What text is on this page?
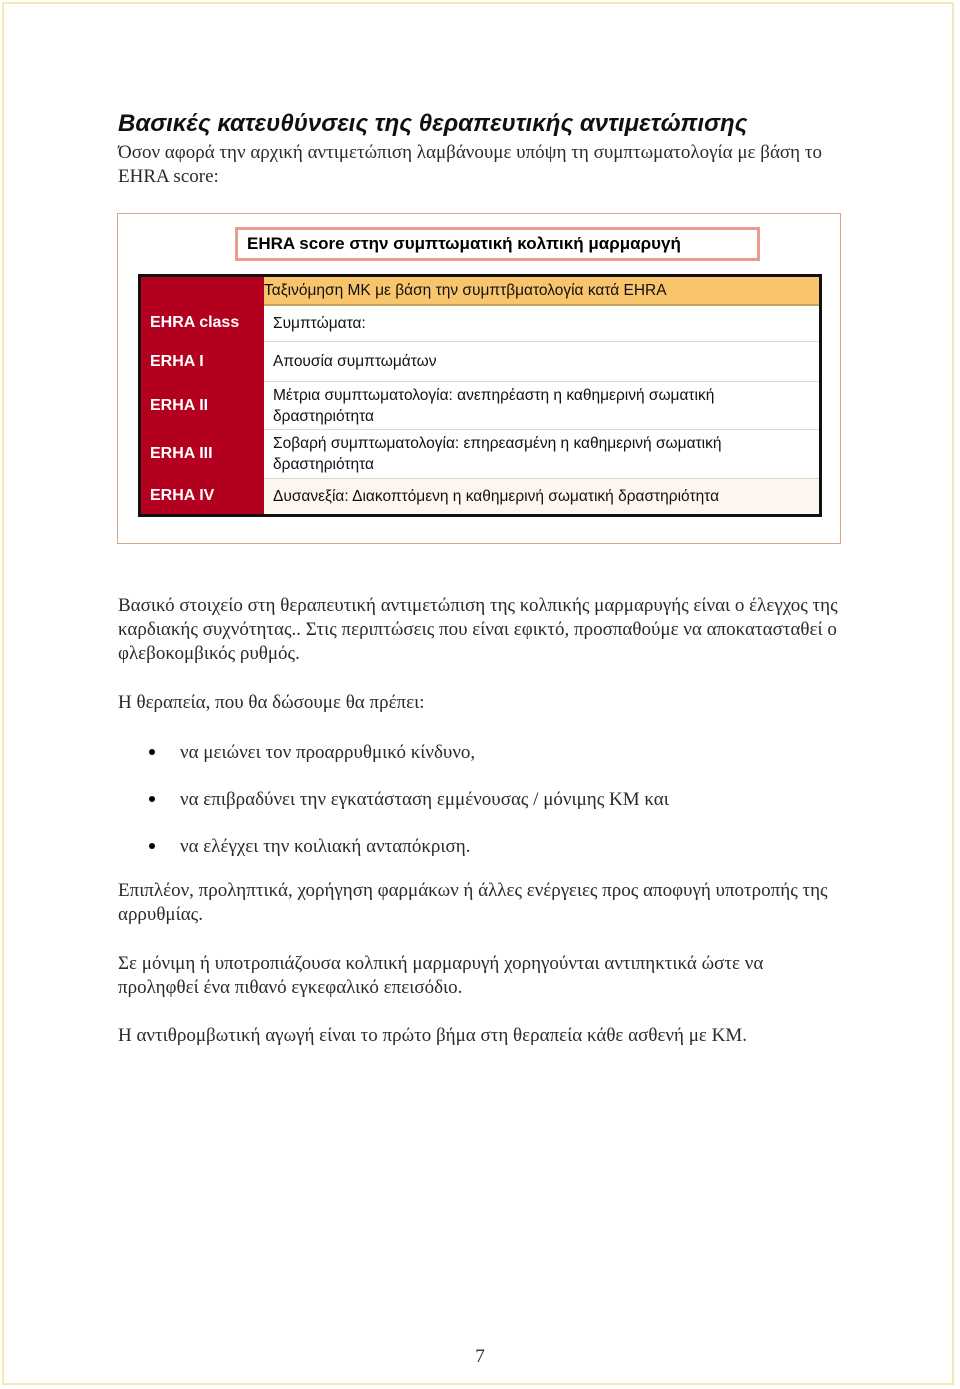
Βασικές κατευθύνσεις της θεραπευτικής αντιμετώπισης

Όσον αφορά την αρχική αντιμετώπιση λαμβάνουμε υπόψη τη συμπτωματολογία με βάση το EHRA score:

EHRA score στην συμπτωματική κολπική μαρμαρυγή

	Ταξινόμηση ΜΚ με βάση την συμπτβματολογία κατά EHRA

EHRA class	Συμπτώματα:
ERHA I	Απουσία συμπτωμάτων
ERHA II	Μέτρια συμπτωματολογία: ανεπηρέαστη η καθημερινή σωματική δραστηριότητα
ERHA III	Σοβαρή συμπτωματολογία: επηρεασμένη η καθημερινή σωματική δραστηριότητα
ERHA IV	Δυσανεξία: Διακοπτόμενη η καθημερινή σωματική δραστηριότητα

Βασικό στοιχείο στη θεραπευτική αντιμετώπιση της κολπικής μαρμαρυγής είναι ο έλεγχος της καρδιακής συχνότητας.. Στις περιπτώσεις που είναι εφικτό, προσπαθούμε να αποκατασταθεί ο φλεβοκομβικός ρυθμός.

Η θεραπεία, που θα δώσουμε θα πρέπει:

να μειώνει τον προαρρυθμικό κίνδυνο,
να επιβραδύνει την εγκατάσταση εμμένουσας / μόνιμης ΚΜ και
να ελέγχει την κοιλιακή ανταπόκριση.

Επιπλέον, προληπτικά, χορήγηση φαρμάκων ή άλλες ενέργειες προς αποφυγή υποτροπής της αρρυθμίας.

Σε μόνιμη ή υποτροπιάζουσα κολπική μαρμαρυγή χορηγούνται αντιπηκτικά ώστε να προληφθεί ένα πιθανό εγκεφαλικό επεισόδιο.

Η αντιθρομβωτική αγωγή είναι το πρώτο βήμα στη θεραπεία κάθε ασθενή με ΚΜ.

7
